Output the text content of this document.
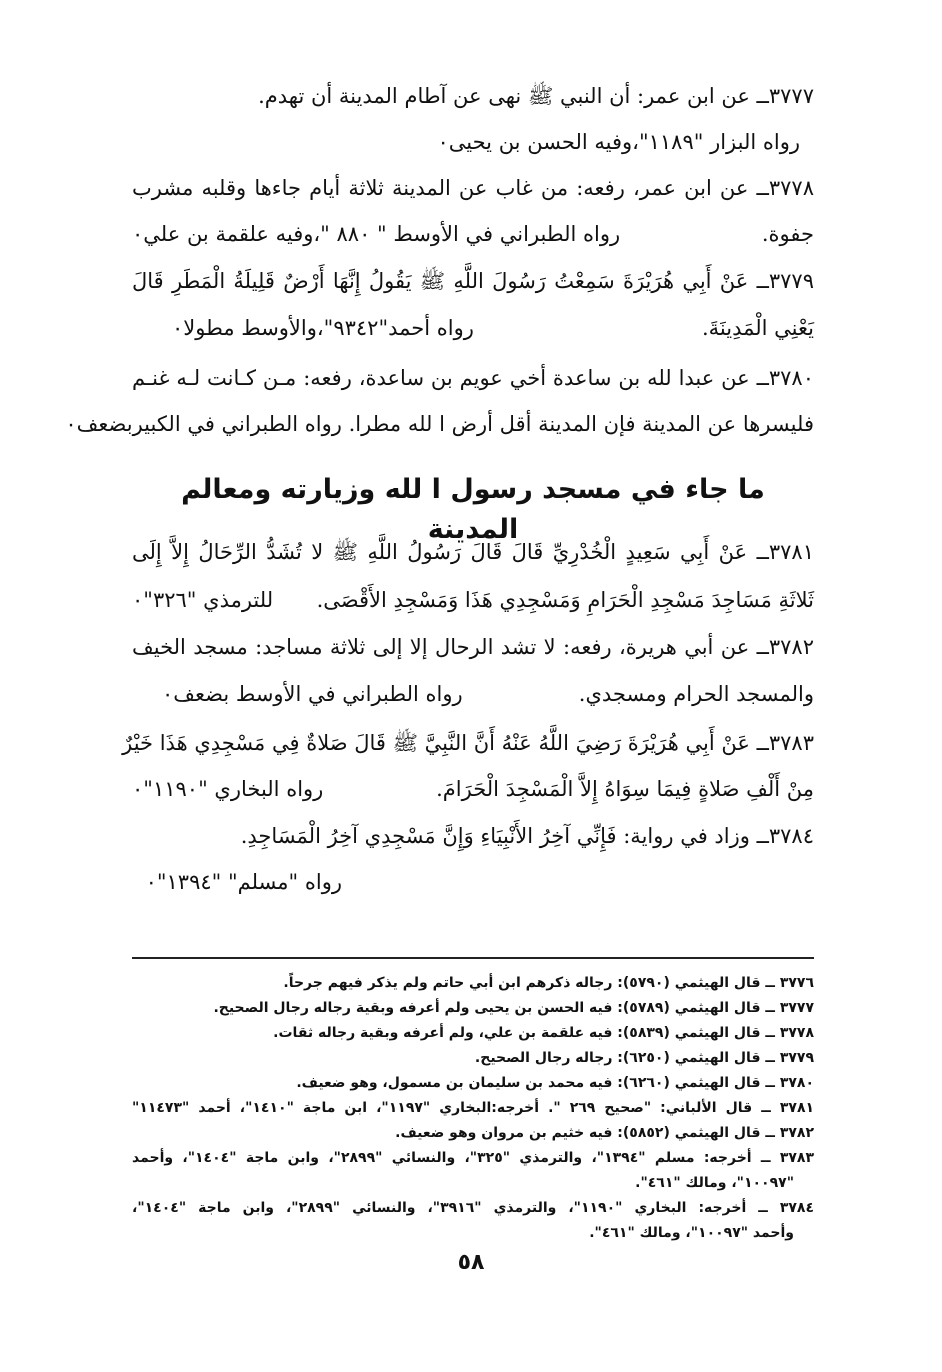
٣٧٧٧ــ عن ابن عمر: أن النبي ﷺ نهى عن آطام المدينة أن تهدم.
رواه البزار "١١٨٩"،وفيه الحسن بن يحيى٠
٣٧٧٨ــ عن ابن عمر، رفعه: من غاب عن المدينة ثلاثة أيام جاءها وقلبه مشرب
جفوة.
رواه الطبراني في الأوسط " ٨٨٠ "،وفيه علقمة بن علي٠
٣٧٧٩ــ عَنْ أَبِي هُرَيْرَةَ سَمِعْتُ رَسُولَ اللَّهِ ﷺ يَقُولُ إِنَّهَا أَرْضٌ قَلِيلَةُ الْمَطَرِ قَالَ
يَعْنِي الْمَدِينَةَ.
رواه أحمد"٩٣٤٢"،والأوسط مطولا٠
٣٧٨٠ــ عن عبدا لله بن ساعدة أخي عويم بن ساعدة، رفعه: مـن كـانت لـه غنـم
فليسرها عن المدينة فإن المدينة أقل أرض ا لله مطرا. رواه الطبراني في الكبيربضعف٠
ما جاء في مسجد رسول ا لله وزيارته ومعالم المدينة
٣٧٨١ــ عَنْ أَبِي سَعِيدٍ الْخُدْرِيِّ قَالَ قَالَ رَسُولُ اللَّهِ ﷺ لا تُشَدُّ الرِّحَالُ إِلاَّ إِلَى
ثَلاثَةِ مَسَاجِدَ مَسْجِدِ الْحَرَامِ وَمَسْجِدِي هَذَا وَمَسْجِدِ الأَقْصَى.
للترمذي "٣٢٦"٠
٣٧٨٢ــ عن أبي هريرة، رفعه: لا تشد الرحال إلا إلى ثلاثة مساجد: مسجد الخيف
والمسجد الحرام ومسجدي.
رواه الطبراني في الأوسط بضعف٠
٣٧٨٣ــ عَنْ أَبِي هُرَيْرَةَ رَضِيَ اللَّهُ عَنْهُ أَنَّ النَّبِيَّ ﷺ قَالَ صَلاةٌ فِي مَسْجِدِي هَذَا خَيْرٌ
مِنْ أَلْفِ صَلاةٍ فِيمَا سِوَاهُ إِلاَّ الْمَسْجِدَ الْحَرَامَ.
رواه البخاري "١١٩٠"٠
٣٧٨٤ــ وزاد في رواية: فَإِنِّي آخِرُ الأَنْبِيَاءِ وَإِنَّ مَسْجِدِي آخِرُ الْمَسَاجِدِ.
رواه "مسلم" "١٣٩٤"٠
٣٧٧٦ ــ قال الهيثمي (٥٧٩٠): رجاله ذكرهم ابن أبي حاتم ولم يذكر فيهم جرحاً.
٣٧٧٧ ــ قال الهيثمي (٥٧٨٩): فيه الحسن بن يحيى ولم أعرفه وبقية رجاله رجال الصحيح.
٣٧٧٨ ــ قال الهيثمي (٥٨٣٩): فيه علقمة بن علي، ولم أعرفه وبقية رجاله ثقات.
٣٧٧٩ ــ قال الهيثمي (٦٢٥٠): رجاله رجال الصحيح.
٣٧٨٠ ــ قال الهيثمي (٦٢٦٠): فيه محمد بن سليمان بن مسمول، وهو ضعيف.
٣٧٨١ ــ قال الألباني: "صحيح ٢٦٩ ". أخرجه:البخاري "١١٩٧"، ابن ماجة "١٤١٠"، أحمد "١١٤٧٣"
٣٧٨٢ ــ قال الهيثمي (٥٨٥٢): فيه خثيم بن مروان وهو ضعيف.
٣٧٨٣ ــ أخرجه: مسلم "١٣٩٤"، والترمذي "٣٢٥"، والنسائي "٢٨٩٩"، وابن ماجة "١٤٠٤"، وأحمد
"١٠٠٩٧"، ومالك "٤٦١".
٣٧٨٤ ــ أخرجه: البخاري "١١٩٠"، والترمذي "٣٩١٦"، والنسائي "٢٨٩٩"، وابن ماجة "١٤٠٤"،
وأحمد "١٠٠٩٧"، ومالك "٤٦١".
٥٨
